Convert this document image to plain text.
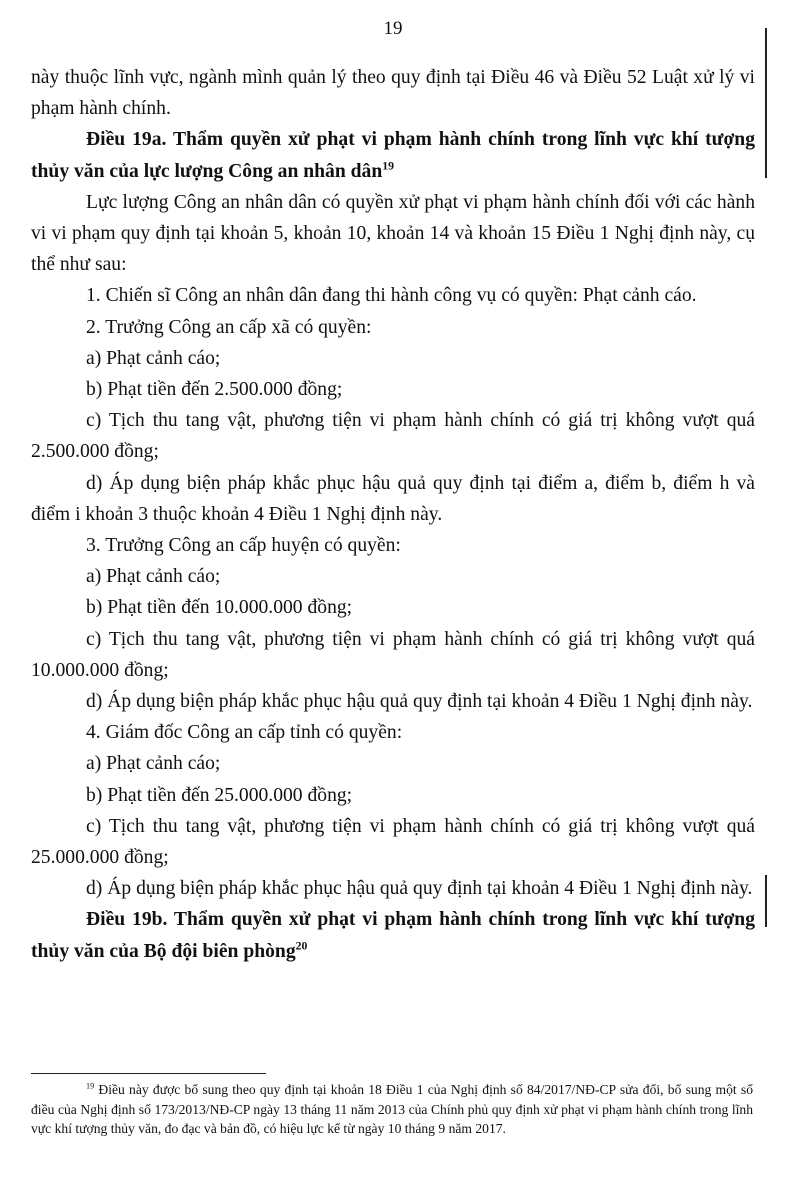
19

này thuộc lĩnh vực, ngành mình quản lý theo quy định tại Điều 46 và Điều 52 Luật xử lý vi phạm hành chính.

Điều 19a. Thẩm quyền xử phạt vi phạm hành chính trong lĩnh vực khí tượng thủy văn của lực lượng Công an nhân dân$^{19}$

Lực lượng Công an nhân dân có quyền xử phạt vi phạm hành chính đối với các hành vi vi phạm quy định tại khoản 5, khoản 10, khoản 14 và khoản 15 Điều 1 Nghị định này, cụ thể như sau:

1. Chiến sĩ Công an nhân dân đang thi hành công vụ có quyền: Phạt cảnh cáo.

2. Trưởng Công an cấp xã có quyền:

a) Phạt cảnh cáo;

b) Phạt tiền đến 2.500.000 đồng;

c) Tịch thu tang vật, phương tiện vi phạm hành chính có giá trị không vượt quá 2.500.000 đồng;

d) Áp dụng biện pháp khắc phục hậu quả quy định tại điểm a, điểm b, điểm h và điểm i khoản 3 thuộc khoản 4 Điều 1 Nghị định này.

3. Trưởng Công an cấp huyện có quyền:

a) Phạt cảnh cáo;

b) Phạt tiền đến 10.000.000 đồng;

c) Tịch thu tang vật, phương tiện vi phạm hành chính có giá trị không vượt quá 10.000.000 đồng;

d) Áp dụng biện pháp khắc phục hậu quả quy định tại khoản 4 Điều 1 Nghị định này.

4. Giám đốc Công an cấp tỉnh có quyền:

a) Phạt cảnh cáo;

b) Phạt tiền đến 25.000.000 đồng;

c) Tịch thu tang vật, phương tiện vi phạm hành chính có giá trị không vượt quá 25.000.000 đồng;

d) Áp dụng biện pháp khắc phục hậu quả quy định tại khoản 4 Điều 1 Nghị định này.

Điều 19b. Thẩm quyền xử phạt vi phạm hành chính trong lĩnh vực khí tượng thủy văn của Bộ đội biên phòng$^{20}$

$^{19}$ Điều này được bổ sung theo quy định tại khoản 18 Điều 1 của Nghị định số 84/2017/NĐ-CP sửa đổi, bổ sung một số điều của Nghị định số 173/2013/NĐ-CP ngày 13 tháng 11 năm 2013 của Chính phủ quy định xử phạt vi phạm hành chính trong lĩnh vực khí tượng thủy văn, đo đạc và bản đồ, có hiệu lực kể từ ngày 10 tháng 9 năm 2017.
